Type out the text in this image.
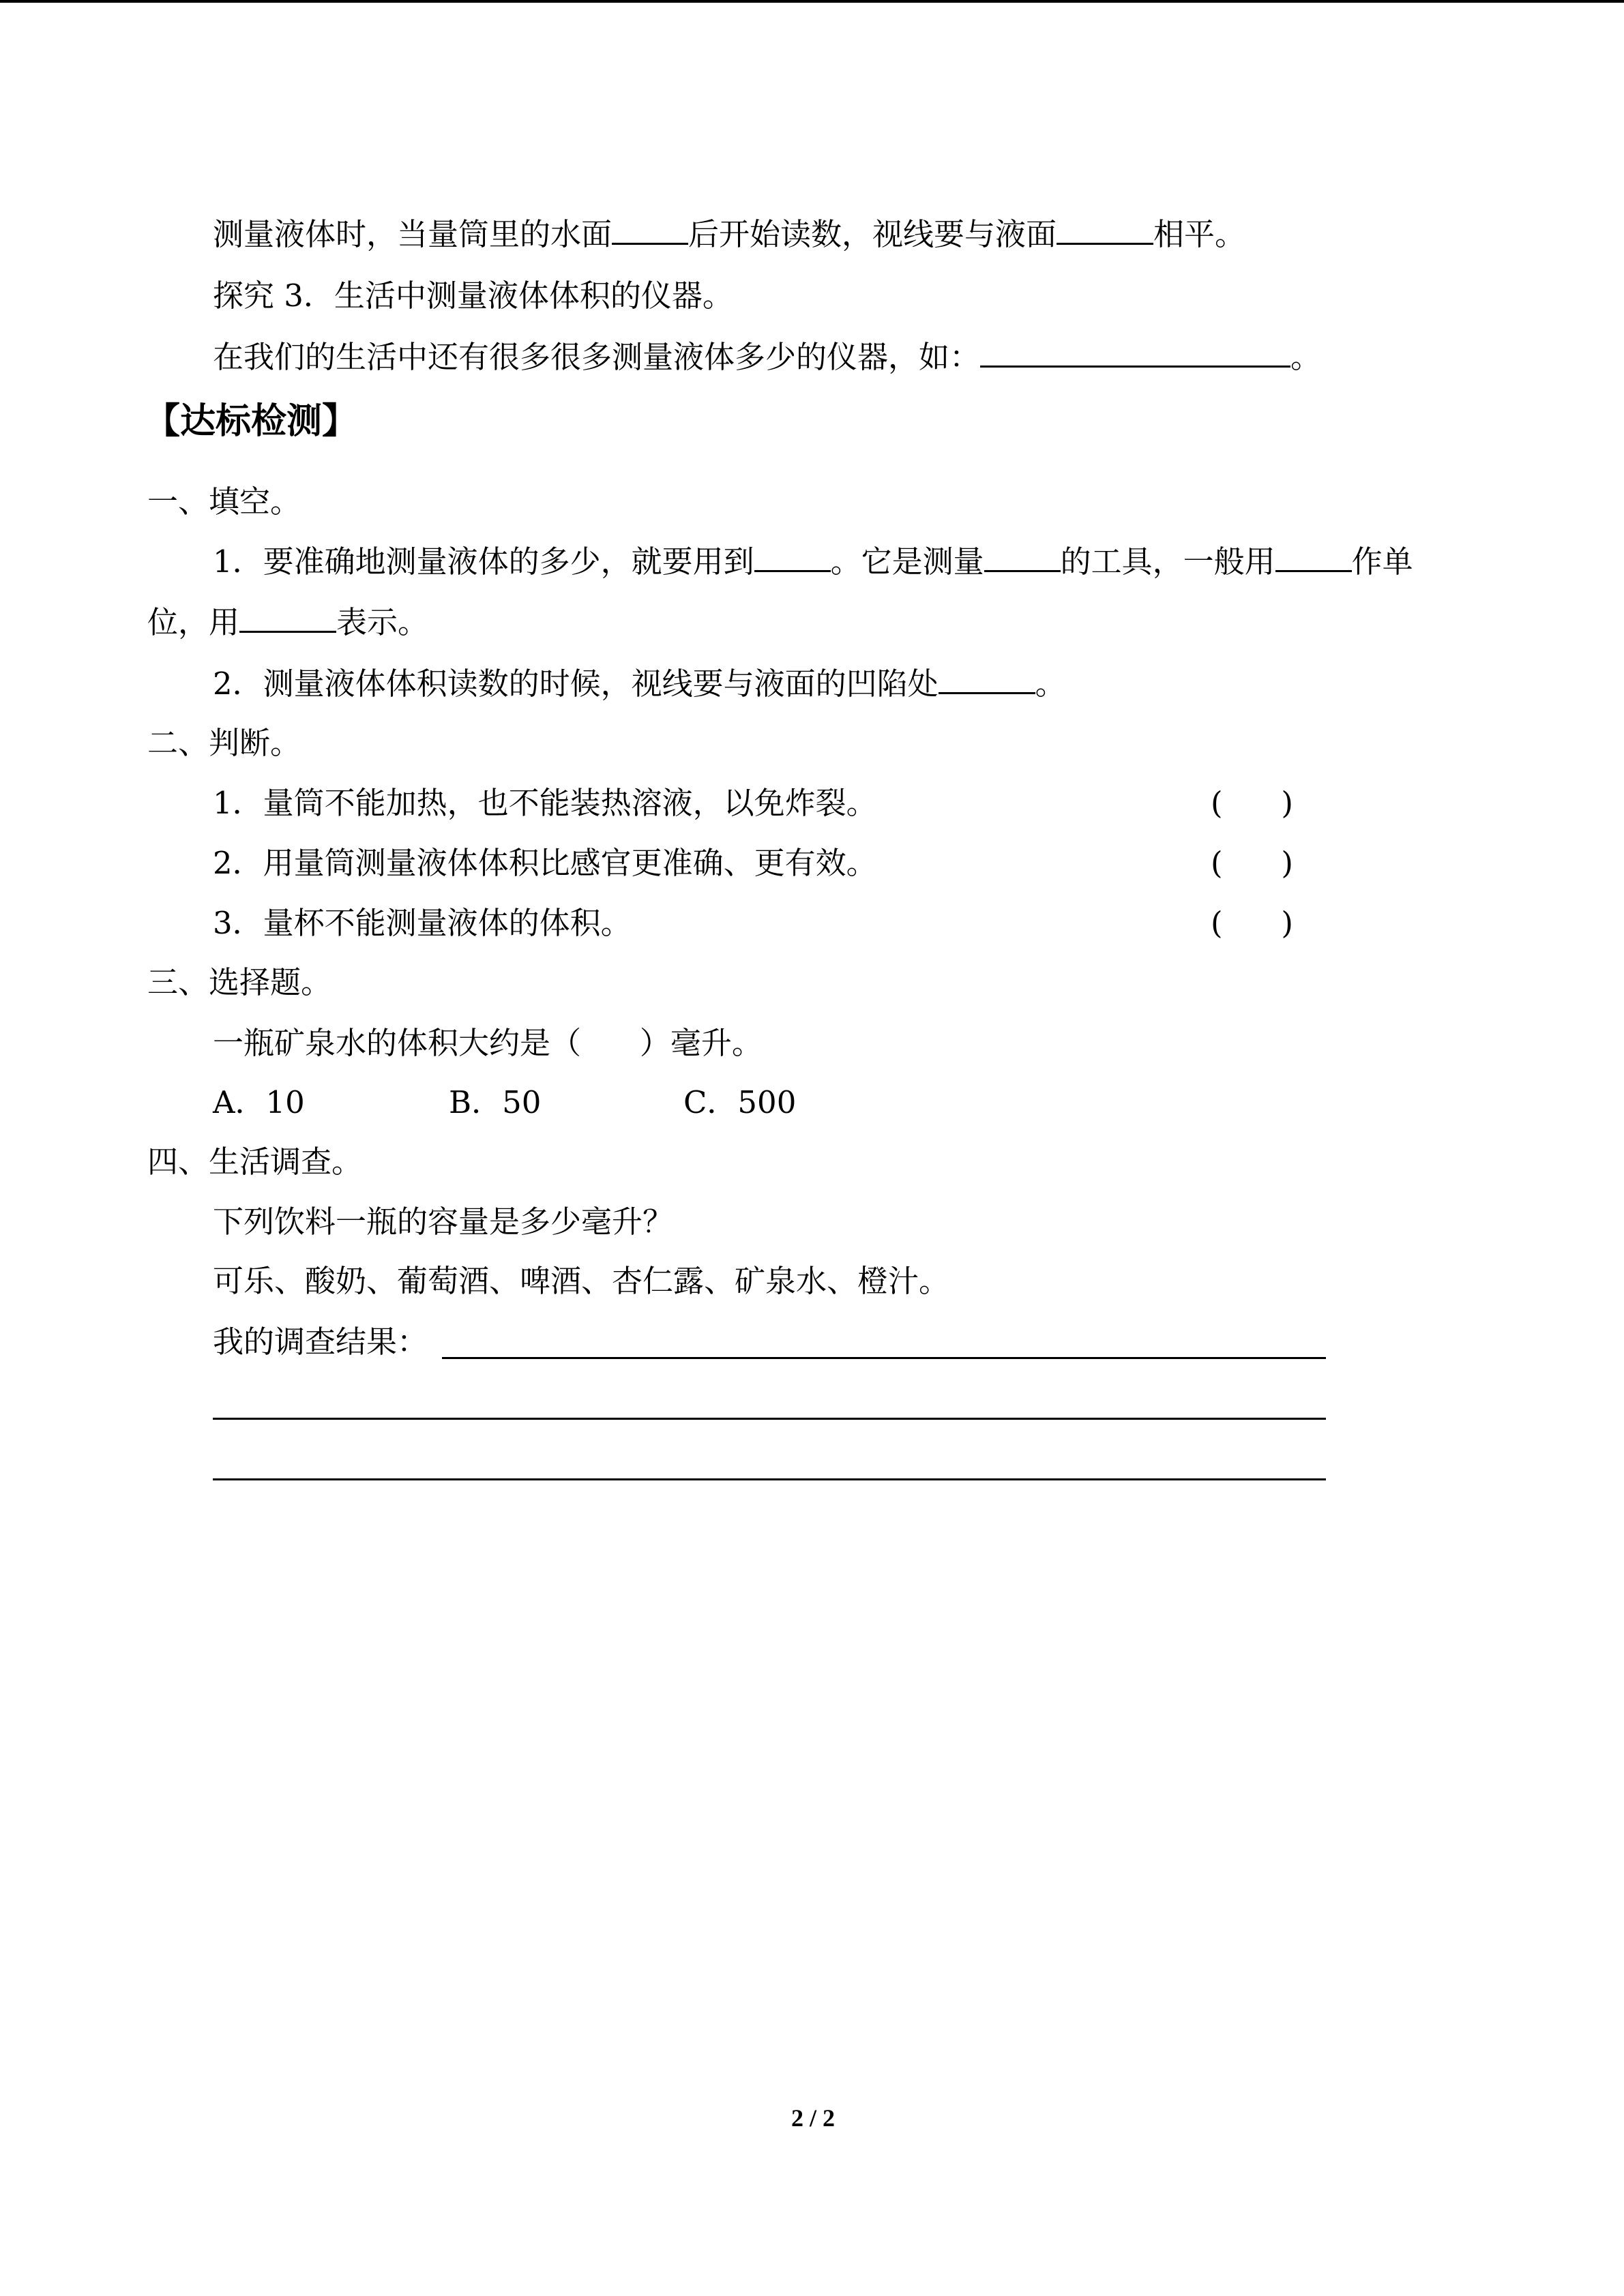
测量液体时，当量筒里的水面 后开始读数，视线要与液面	相平。
探究 3．生活中测量液体体积的仪器。
在我们的生活中还有很多很多测量液体多少的仪器，如：	。
【达标检测】
一、填空。
1．要准确地测量液体的多少，就要用到 。它是测量 的工具，一般用 作单
位，用	表示。
2．测量液体体积读数的时候，视线要与液面的凹陷处	。
二、判断。
1．量筒不能加热，也不能装热溶液，以免炸裂。	(      )
2．用量筒测量液体体积比感官更准确、更有效。	(      )
3．量杯不能测量液体的体积。	(      )
三、选择题。
一瓶矿泉水的体积大约是（      ）毫升。
A．10	B．50	C．500
四、生活调查。
下列饮料一瓶的容量是多少毫升？
可乐、酸奶、葡萄酒、啤酒、杏仁露、矿泉水、橙汁。
我的调查结果：
2 / 2
